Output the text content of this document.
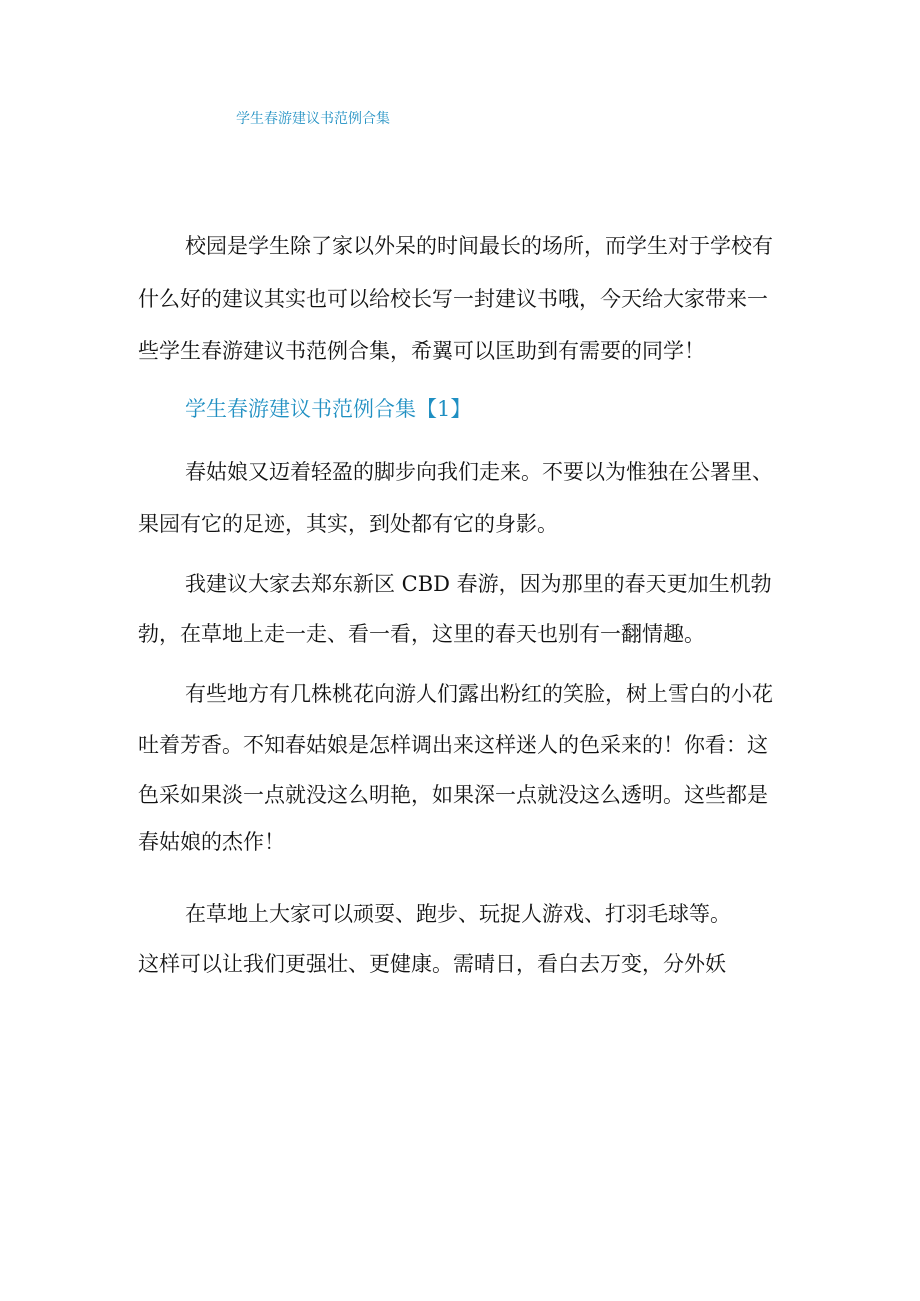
学生春游建议书范例合集
校园是学生除了家以外呆的时间最长的场所，而学生对于学校有
什么好的建议其实也可以给校长写一封建议书哦，今天给大家带来一
些学生春游建议书范例合集，希翼可以匡助到有需要的同学！
学生春游建议书范例合集【1】
春姑娘又迈着轻盈的脚步向我们走来。不要以为惟独在公署里、
果园有它的足迹，其实，到处都有它的身影。
我建议大家去郑东新区 CBD 春游，因为那里的春天更加生机勃
勃，在草地上走一走、看一看，这里的春天也别有一翻情趣。
有些地方有几株桃花向游人们露出粉红的笑脸，树上雪白的小花
吐着芳香。不知春姑娘是怎样调出来这样迷人的色采来的！你看：这
色采如果淡一点就没这么明艳，如果深一点就没这么透明。这些都是
春姑娘的杰作！
在草地上大家可以顽耍、跑步、玩捉人游戏、打羽毛球等。
这样可以让我们更强壮、更健康。需晴日，看白去万变，分外妖
